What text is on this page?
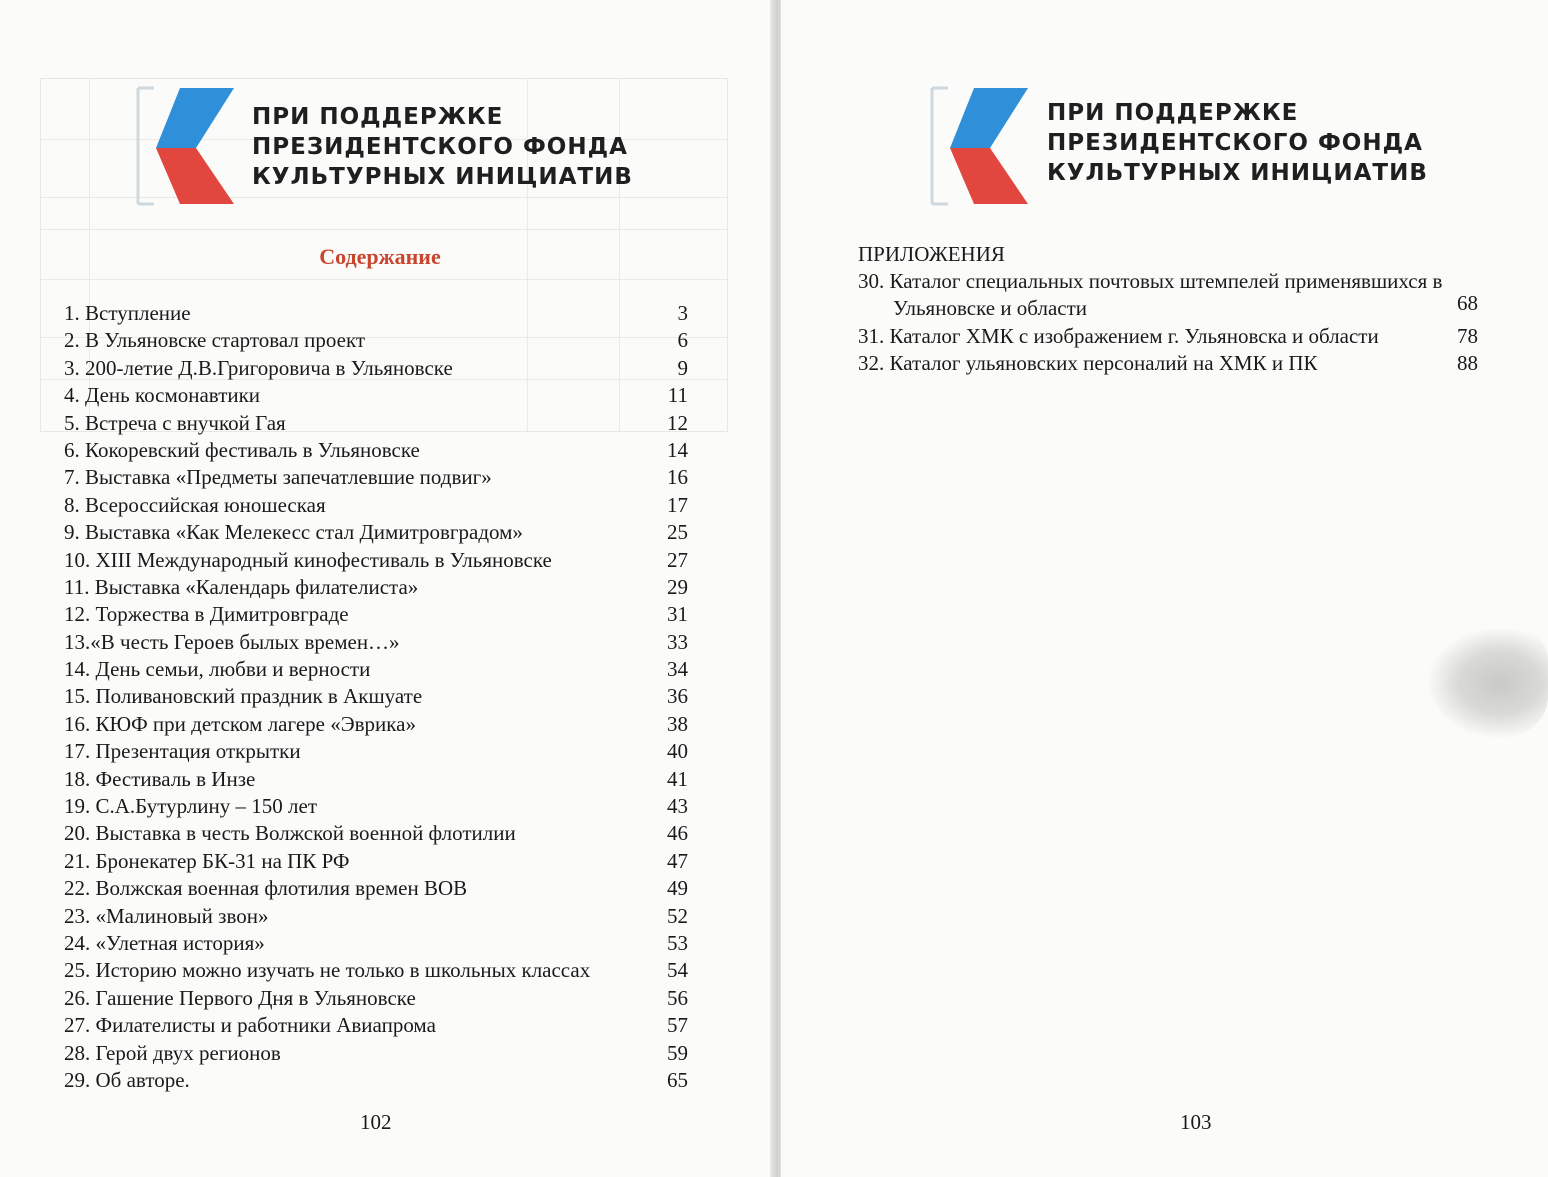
ПРИ ПОДДЕРЖКЕ
ПРЕЗИДЕНТСКОГО ФОНДА
КУЛЬТУРНЫХ ИНИЦИАТИВ
Содержание
1. Вступление	3
2. В Ульяновске стартовал проект	6
3. 200-летие Д.В.Григоровича в Ульяновске	9
4. День космонавтики	11
5. Встреча с внучкой Гая	12
6. Кокоревский фестиваль в Ульяновске	14
7. Выставка «Предметы запечатлевшие подвиг»	16
8. Всероссийская юношеская	17
9. Выставка «Как Мелекесс стал Димитровградом»	25
10. XIII Международный кинофестиваль в Ульяновске	27
11. Выставка «Календарь филателиста»	29
12. Торжества в Димитровграде	31
13.«В честь Героев былых времен…»	33
14. День семьи, любви и верности	34
15. Поливановский праздник в Акшуате	36
16. КЮФ при детском лагере «Эврика»	38
17. Презентация открытки	40
18. Фестиваль в Инзе	41
19. С.А.Бутурлину – 150 лет	43
20. Выставка в честь Волжской военной флотилии	46
21. Бронекатер БК-31 на ПК РФ	47
22. Волжская военная флотилия времен ВОВ	49
23. «Малиновый звон»	52
24. «Улетная история»	53
25. Историю можно изучать не только в школьных классах	54
26. Гашение Первого Дня в Ульяновске	56
27. Филателисты и работники Авиапрома	57
28. Герой двух регионов	59
29. Об авторе.	65
102
ПРИ ПОДДЕРЖКЕ
ПРЕЗИДЕНТСКОГО ФОНДА
КУЛЬТУРНЫХ ИНИЦИАТИВ
ПРИЛОЖЕНИЯ
30. Каталог специальных почтовых штемпелей применявшихся в Ульяновске и области	68
31. Каталог ХМК с изображением г. Ульяновска и области	78
32. Каталог ульяновских персоналий на ХМК и ПК	88
103
